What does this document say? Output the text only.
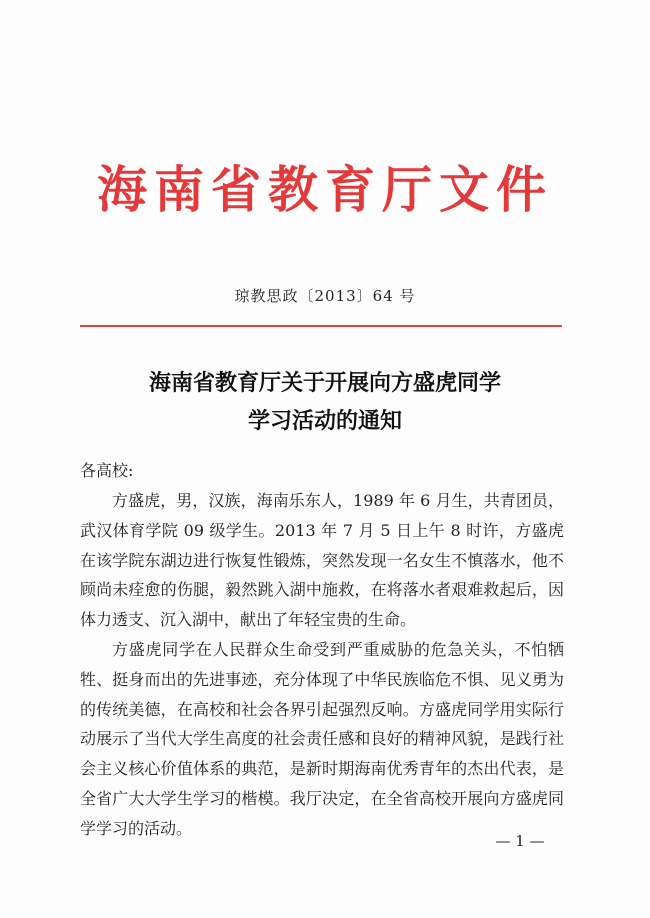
海南省教育厅文件
琼教思政〔2013〕64 号
海南省教育厅关于开展向方盛虎同学
学习活动的通知
各高校:

方盛虎，男，汉族，海南乐东人，1989 年 6 月生，共青团员，武汉体育学院 09 级学生。2013 年 7 月 5 日上午 8 时许，方盛虎在该学院东湖边进行恢复性锻炼，突然发现一名女生不慎落水，他不顾尚未痊愈的伤腿，毅然跳入湖中施救，在将落水者艰难救起后，因体力透支、沉入湖中，献出了年轻宝贵的生命。

方盛虎同学在人民群众生命受到严重威胁的危急关头，不怕牺牲、挺身而出的先进事迹，充分体现了中华民族临危不惧、见义勇为的传统美德，在高校和社会各界引起强烈反响。方盛虎同学用实际行动展示了当代大学生高度的社会责任感和良好的精神风貌，是践行社会主义核心价值体系的典范，是新时期海南优秀青年的杰出代表，是全省广大大学生学习的楷模。我厅决定，在全省高校开展向方盛虎同学学习的活动。

— 1 —
